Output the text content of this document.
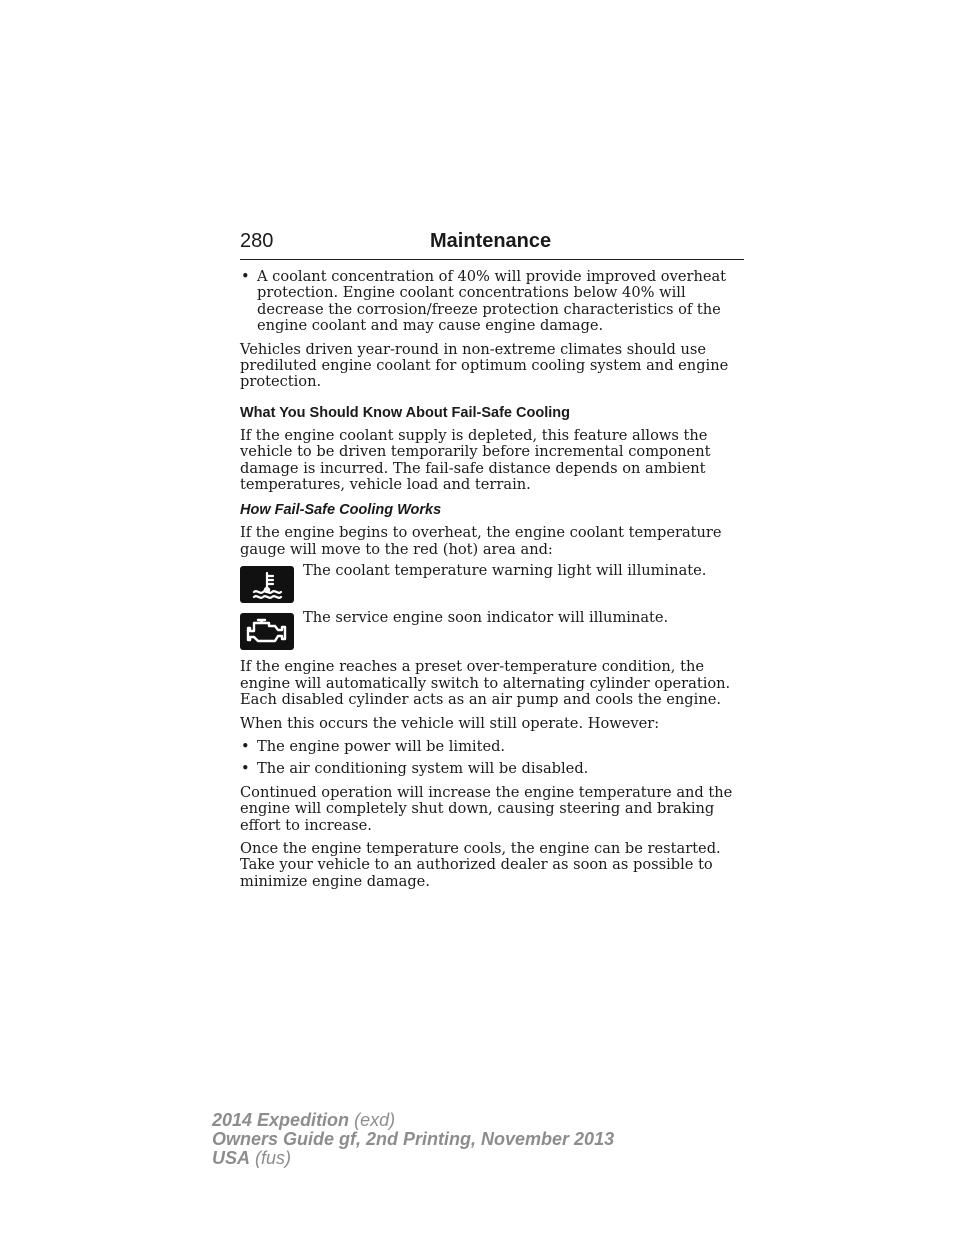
280	Maintenance
• A coolant concentration of 40% will provide improved overheat protection. Engine coolant concentrations below 40% will decrease the corrosion/freeze protection characteristics of the engine coolant and may cause engine damage.

Vehicles driven year-round in non-extreme climates should use prediluted engine coolant for optimum cooling system and engine protection.

What You Should Know About Fail-Safe Cooling

If the engine coolant supply is depleted, this feature allows the vehicle to be driven temporarily before incremental component damage is incurred. The fail-safe distance depends on ambient temperatures, vehicle load and terrain.

How Fail-Safe Cooling Works

If the engine begins to overheat, the engine coolant temperature gauge will move to the red (hot) area and:

The coolant temperature warning light will illuminate.
The service engine soon indicator will illuminate.

If the engine reaches a preset over-temperature condition, the engine will automatically switch to alternating cylinder operation. Each disabled cylinder acts as an air pump and cools the engine.

When this occurs the vehicle will still operate. However:

• The engine power will be limited.
• The air conditioning system will be disabled.

Continued operation will increase the engine temperature and the engine will completely shut down, causing steering and braking effort to increase.

Once the engine temperature cools, the engine can be restarted. Take your vehicle to an authorized dealer as soon as possible to minimize engine damage.

2014 Expedition (exd)
Owners Guide gf, 2nd Printing, November 2013
USA (fus)
